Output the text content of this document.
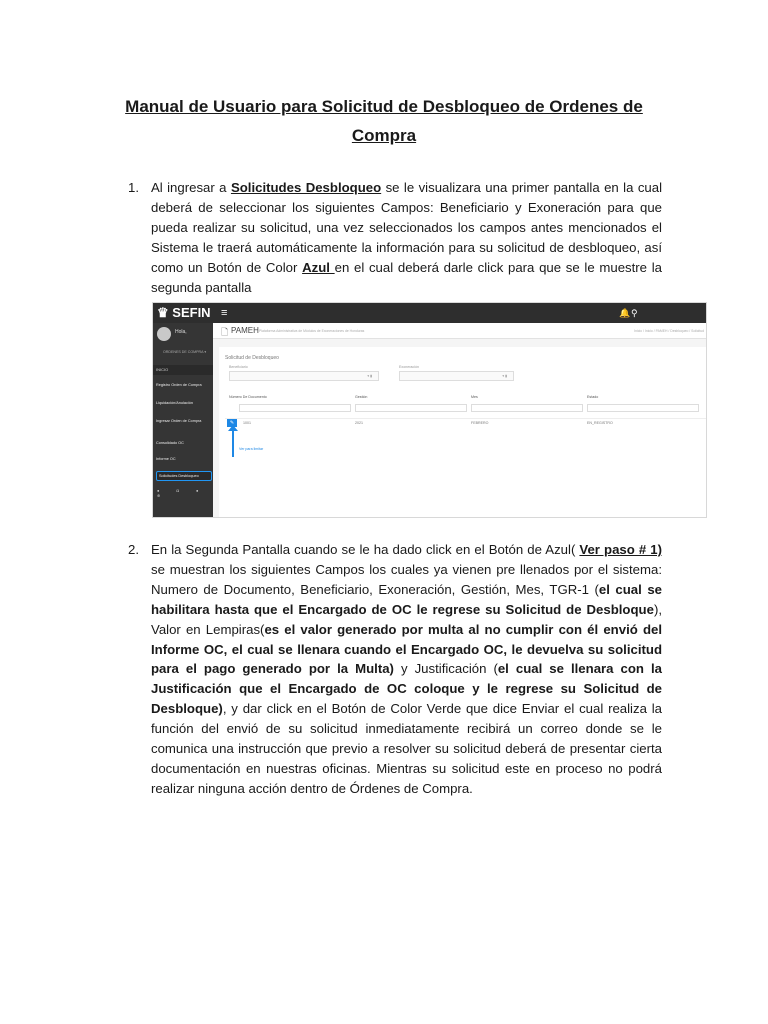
Manual de Usuario para Solicitud de Desbloqueo de Ordenes de
Compra
1. Al ingresar a Solicitudes Desbloqueo se le visualizara una primer pantalla en la cual deberá de seleccionar los siguientes Campos: Beneficiario y Exoneración para que pueda realizar su solicitud, una vez seleccionados los campos antes mencionados el Sistema le traerá automáticamente la información para su solicitud de desbloqueo, así como un Botón de Color Azul en el cual deberá darle click para que se le muestre la segunda pantalla
♛ SEFIN ≡	🔔 ⚲
Hola,
ORDENES DE COMPRA ▾
INICIO
Registro Orden de Compra
Liquidación/Anulación
Ingresar Orden de Compra
Consolidado OC
Informe OC
Solicitudes Desbloqueo
● ◘ ● ⊕
🗋 PAMEH Plataforma Administrativa de Módulos de Exoneraciones de Honduras	Inicio / Inicio / PAMEH / Desbloqueo / Solicitud
Solicitud de Desbloqueo
Beneficiario
▾ ▮
Exoneración
▾ ▮
Número De Documento	Gestión	Mes	Estado
✎	1001	2021	FEBRERO	EN_REGISTRO
Ver para limitar
2. En la Segunda Pantalla cuando se le ha dado click en el Botón de Azul( Ver paso # 1) se muestran los siguientes Campos los cuales ya vienen pre llenados por el sistema: Numero de Documento, Beneficiario, Exoneración, Gestión, Mes, TGR-1 (el cual se habilitara hasta que el Encargado de OC le regrese su Solicitud de Desbloque), Valor en Lempiras(es el valor generado por multa al no cumplir con él envió del Informe OC, el cual se llenara cuando el Encargado OC, le devuelva su solicitud para el pago generado por la Multa) y Justificación (el cual se llenara con la Justificación que el Encargado de OC coloque y le regrese su Solicitud de Desbloque), y dar click en el Botón de Color Verde que dice Enviar el cual realiza la función del envió de su solicitud inmediatamente recibirá un correo donde se le comunica una instrucción que previo a resolver su solicitud deberá de presentar cierta documentación en nuestras oficinas. Mientras su solicitud este en proceso no podrá realizar ninguna acción dentro de Órdenes de Compra.
